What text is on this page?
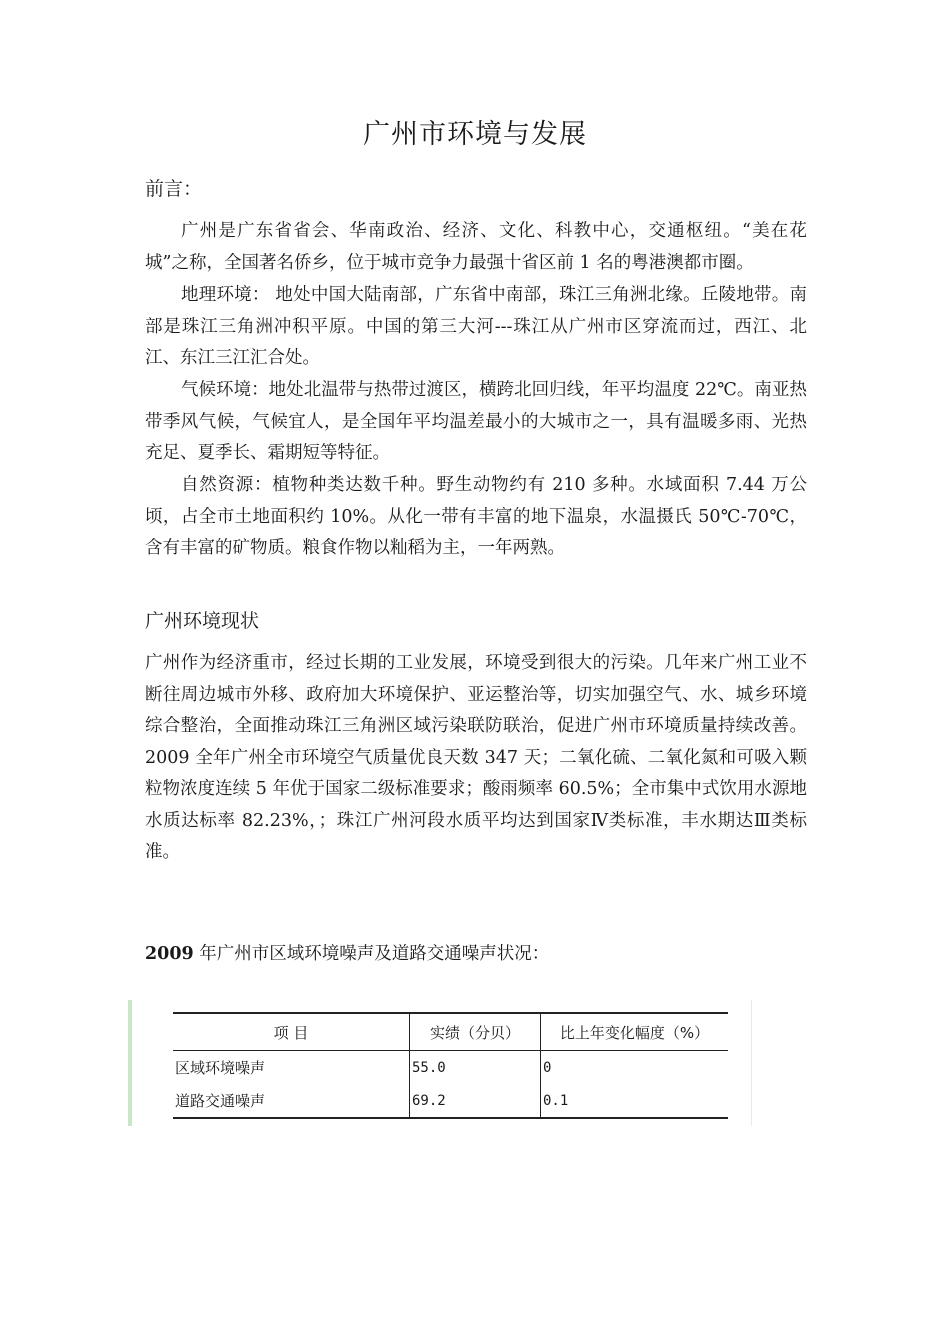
广州市环境与发展
前言：

广州是广东省省会、华南政治、经济、文化、科教中心，交通枢纽。“美在花城”之称，全国著名侨乡，位于城市竞争力最强十省区前 1 名的粤港澳都市圈。

地理环境： 地处中国大陆南部，广东省中南部，珠江三角洲北缘。丘陵地带。南部是珠江三角洲冲积平原。中国的第三大河---珠江从广州市区穿流而过，西江、北江、东江三江汇合处。

气候环境：地处北温带与热带过渡区，横跨北回归线，年平均温度 22℃。南亚热带季风气候，气候宜人，是全国年平均温差最小的大城市之一，具有温暖多雨、光热充足、夏季长、霜期短等特征。

自然资源：植物种类达数千种。野生动物约有 210 多种。水域面积 7.44 万公顷，占全市土地面积约 10%。从化一带有丰富的地下温泉，水温摄氏 50℃-70℃，含有丰富的矿物质。粮食作物以籼稻为主，一年两熟。

广州环境现状

广州作为经济重市，经过长期的工业发展，环境受到很大的污染。几年来广州工业不断往周边城市外移、政府加大环境保护、亚运整治等，切实加强空气、水、城乡环境综合整治，全面推动珠江三角洲区域污染联防联治，促进广州市环境质量持续改善。2009 全年广州全市环境空气质量优良天数 347 天；二氧化硫、二氧化氮和可吸入颗粒物浓度连续 5 年优于国家二级标准要求；酸雨频率 60.5%；全市集中式饮用水源地水质达标率 82.23%，；珠江广州河段水质平均达到国家Ⅳ类标准，丰水期达Ⅲ类标准。

2009 年广州市区域环境噪声及道路交通噪声状况：
项 目	实绩（分贝）	比上年变化幅度（%）
区域环境噪声	55.0	0
道路交通噪声	69.2	0.1
